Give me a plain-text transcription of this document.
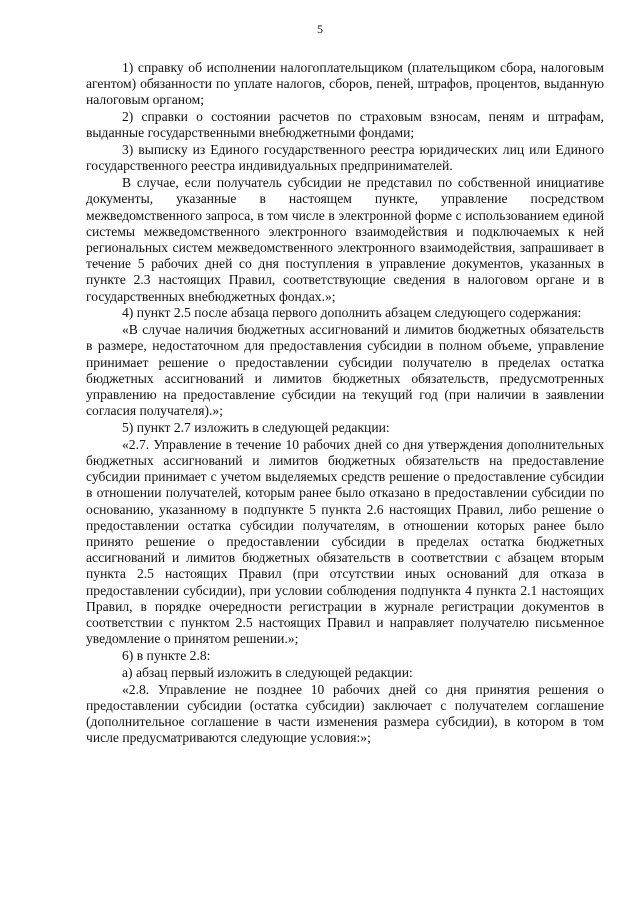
5

1) справку об исполнении налогоплательщиком (плательщиком сбора, налоговым агентом) обязанности по уплате налогов, сборов, пеней, штрафов, процентов, выданную налоговым органом;

2) справки о состоянии расчетов по страховым взносам, пеням и штрафам, выданные государственными внебюджетными фондами;

3) выписку из Единого государственного реестра юридических лиц или Единого государственного реестра индивидуальных предпринимателей.

В случае, если получатель субсидии не представил по собственной инициативе документы, указанные в настоящем пункте, управление посредством межведомственного запроса, в том числе в электронной форме с использованием единой системы межведомственного электронного взаимодействия и подключаемых к ней региональных систем межведомственного электронного взаимодействия, запрашивает в течение 5 рабочих дней со дня поступления в управление документов, указанных в пункте 2.3 настоящих Правил, соответствующие сведения в налоговом органе и в государственных внебюджетных фондах.»;

4) пункт 2.5 после абзаца первого дополнить абзацем следующего содержания:

«В случае наличия бюджетных ассигнований и лимитов бюджетных обязательств в размере, недостаточном для предоставления субсидии в полном объеме, управление принимает решение о предоставлении субсидии получателю в пределах остатка бюджетных ассигнований и лимитов бюджетных обязательств, предусмотренных управлению на предоставление субсидии на текущий год (при наличии в заявлении согласия получателя).»;

5) пункт 2.7 изложить в следующей редакции:

«2.7. Управление в течение 10 рабочих дней со дня утверждения дополнительных бюджетных ассигнований и лимитов бюджетных обязательств на предоставление субсидии принимает с учетом выделяемых средств решение о предоставление субсидии в отношении получателей, которым ранее было отказано в предоставлении субсидии по основанию, указанному в подпункте 5 пункта 2.6 настоящих Правил, либо решение о предоставлении остатка субсидии получателям, в отношении которых ранее было принято решение о предоставлении субсидии в пределах остатка бюджетных ассигнований и лимитов бюджетных обязательств в соответствии с абзацем вторым пункта 2.5 настоящих Правил (при отсутствии иных оснований для отказа в предоставлении субсидии), при условии соблюдения подпункта 4 пункта 2.1 настоящих Правил, в порядке очередности регистрации в журнале регистрации документов в соответствии с пунктом 2.5 настоящих Правил и направляет получателю письменное уведомление о принятом решении.»;

6) в пункте 2.8:

а) абзац первый изложить в следующей редакции:

«2.8. Управление не позднее 10 рабочих дней со дня принятия решения о предоставлении субсидии (остатка субсидии) заключает с получателем соглашение (дополнительное соглашение в части изменения размера субсидии), в котором в том числе предусматриваются следующие условия:»;
